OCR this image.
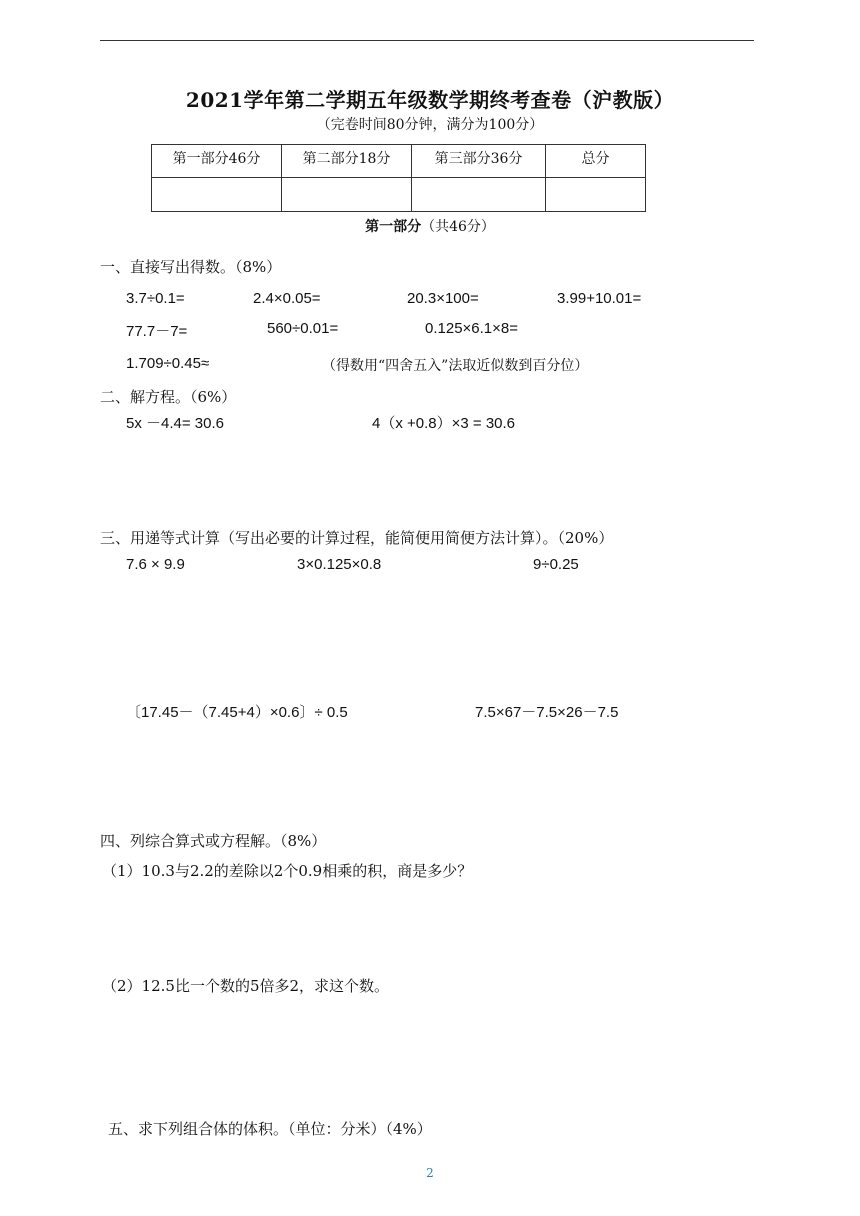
2021学年第二学期五年级数学期终考查卷（沪教版）
（完卷时间80分钟，满分为100分）
第一部分46分	第二部分18分	第三部分36分	总分

第一部分（共46分）
一、直接写出得数。（8%）
3.7÷0.1=	2.4×0.05=	20.3×100=	3.99+10.01=
77.7－7=	560÷0.01=	0.125×6.1×8=
1.709÷0.45≈	（得数用“四舍五入”法取近似数到百分位）
二、解方程。（6%）
5x －4.4= 30.6	4（x +0.8）×3 = 30.6
三、用递等式计算（写出必要的计算过程，能简便用简便方法计算）。（20%）
7.6 × 9.9	3×0.125×0.8	9÷0.25
〔17.45－（7.45+4）×0.6〕÷ 0.5	7.5×67－7.5×26－7.5
四、列综合算式或方程解。（8%）
（1）10.3与2.2的差除以2个0.9相乘的积，商是多少？
（2）12.5比一个数的5倍多2，求这个数。
五、求下列组合体的体积。（单位：分米）（4%）
2
